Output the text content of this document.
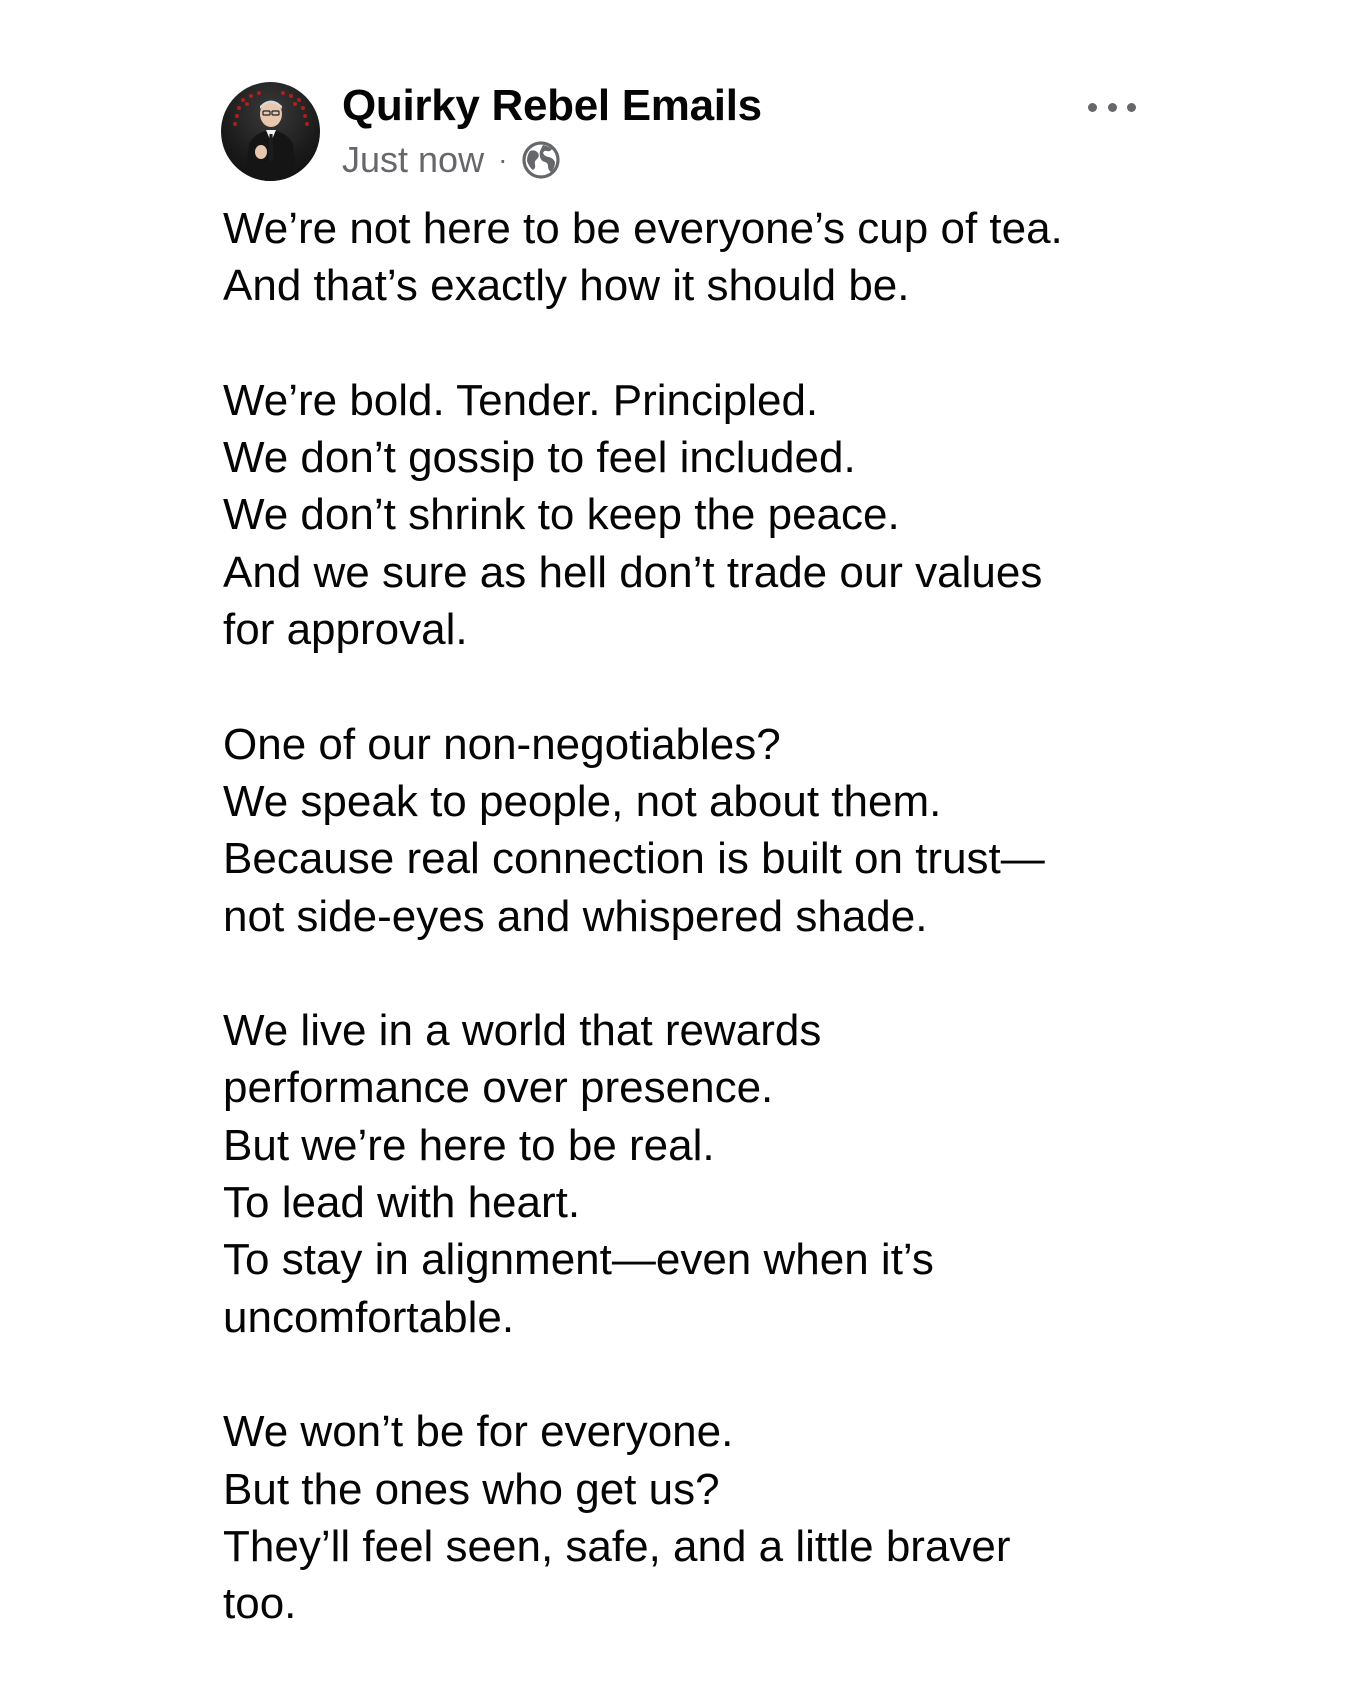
Quirky Rebel Emails
Just now ·
We’re not here to be everyone’s cup of tea.
And that’s exactly how it should be.
We’re bold. Tender. Principled.
We don’t gossip to feel included.
We don’t shrink to keep the peace.
And we sure as hell don’t trade our values
for approval.
One of our non-negotiables?
We speak to people, not about them.
Because real connection is built on trust—
not side-eyes and whispered shade.
We live in a world that rewards
performance over presence.
But we’re here to be real.
To lead with heart.
To stay in alignment—even when it’s
uncomfortable.
We won’t be for everyone.
But the ones who get us?
They’ll feel seen, safe, and a little braver
too.
